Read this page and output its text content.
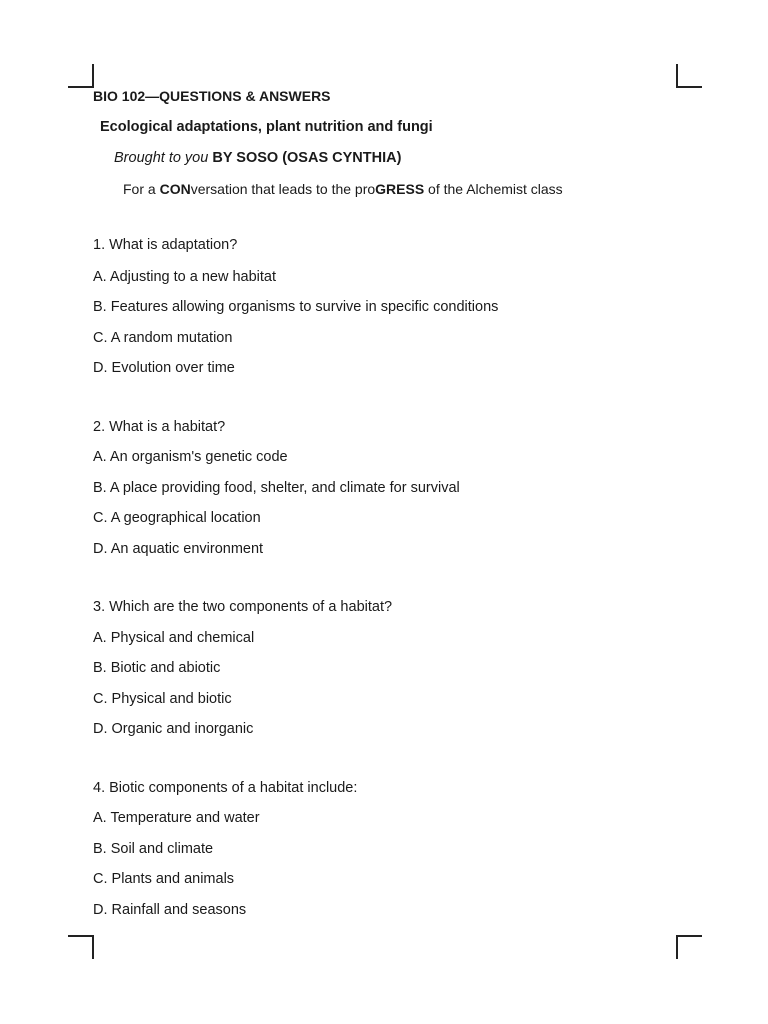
BIO 102—QUESTIONS & ANSWERS
Ecological adaptations, plant nutrition and fungi
Brought to you BY SOSO (OSAS CYNTHIA)
For a CONversation that leads to the proGRESS of the Alchemist class
1. What is adaptation?
A. Adjusting to a new habitat
B. Features allowing organisms to survive in specific conditions
C. A random mutation
D. Evolution over time
2. What is a habitat?
A. An organism's genetic code
B. A place providing food, shelter, and climate for survival
C. A geographical location
D. An aquatic environment
3. Which are the two components of a habitat?
A. Physical and chemical
B. Biotic and abiotic
C. Physical and biotic
D. Organic and inorganic
4. Biotic components of a habitat include:
A. Temperature and water
B. Soil and climate
C. Plants and animals
D. Rainfall and seasons
